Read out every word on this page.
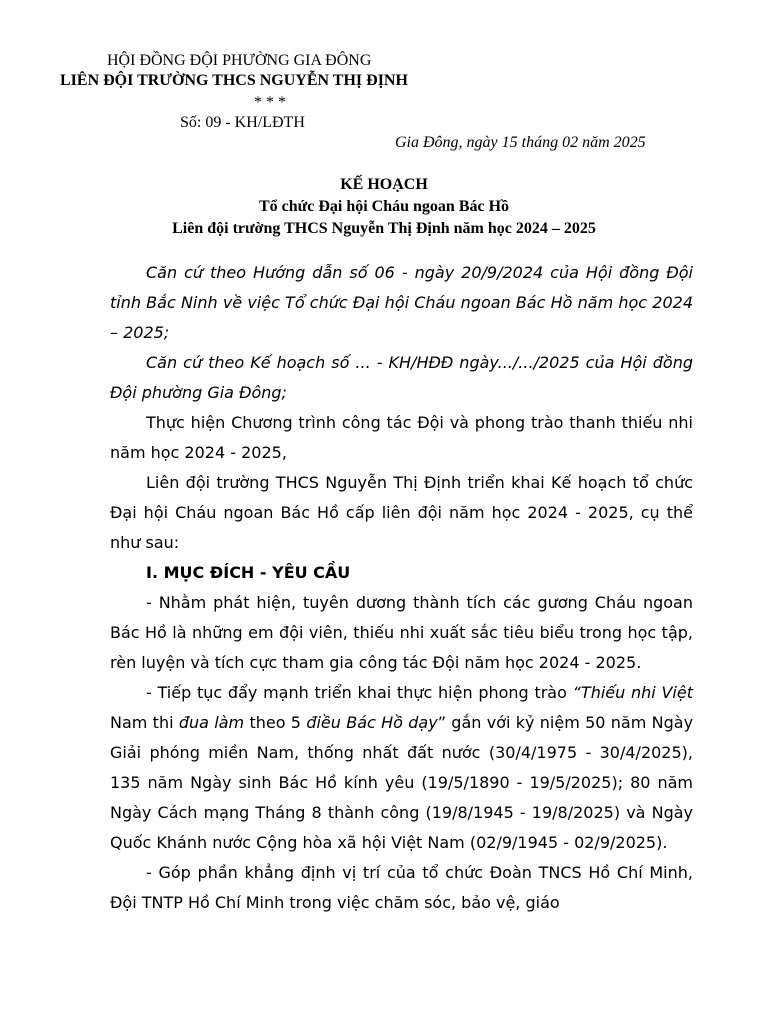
HỘI ĐỒNG ĐỘI PHƯỜNG GIA ĐÔNG
LIÊN ĐỘI TRƯỜNG THCS NGUYỄN THỊ ĐỊNH
* * *
Số: 09 - KH/LĐTH
Gia Đông, ngày 15 tháng 02 năm 2025
KẾ HOẠCH
Tổ chức Đại hội Cháu ngoan Bác Hồ
Liên đội trường THCS Nguyễn Thị Định năm học 2024 – 2025

Căn cứ theo Hướng dẫn số 06 - ngày 20/9/2024 của Hội đồng Đội tỉnh Bắc Ninh về việc Tổ chức Đại hội Cháu ngoan Bác Hồ năm học 2024 – 2025;

Căn cứ theo Kế hoạch số ... - KH/HĐĐ ngày.../.../2025 của Hội đồng Đội phường Gia Đông;

Thực hiện Chương trình công tác Đội và phong trào thanh thiếu nhi năm học 2024 - 2025,

Liên đội trường THCS Nguyễn Thị Định triển khai Kế hoạch tổ chức Đại hội Cháu ngoan Bác Hồ cấp liên đội năm học 2024 - 2025, cụ thể như sau:

I. MỤC ĐÍCH - YÊU CẦU

- Nhằm phát hiện, tuyên dương thành tích các gương Cháu ngoan Bác Hồ là những em đội viên, thiếu nhi xuất sắc tiêu biểu trong học tập, rèn luyện và tích cực tham gia công tác Đội năm học 2024 - 2025.

- Tiếp tục đẩy mạnh triển khai thực hiện phong trào “Thiếu nhi Việt Nam thi đua làm theo 5 điều Bác Hồ dạy” gắn với kỷ niệm 50 năm Ngày Giải phóng miền Nam, thống nhất đất nước (30/4/1975 - 30/4/2025), 135 năm Ngày sinh Bác Hồ kính yêu (19/5/1890 - 19/5/2025); 80 năm Ngày Cách mạng Tháng 8 thành công (19/8/1945 - 19/8/2025) và Ngày Quốc Khánh nước Cộng hòa xã hội Việt Nam (02/9/1945 - 02/9/2025).

- Góp phần khẳng định vị trí của tổ chức Đoàn TNCS Hồ Chí Minh, Đội TNTP Hồ Chí Minh trong việc chăm sóc, bảo vệ, giáo
